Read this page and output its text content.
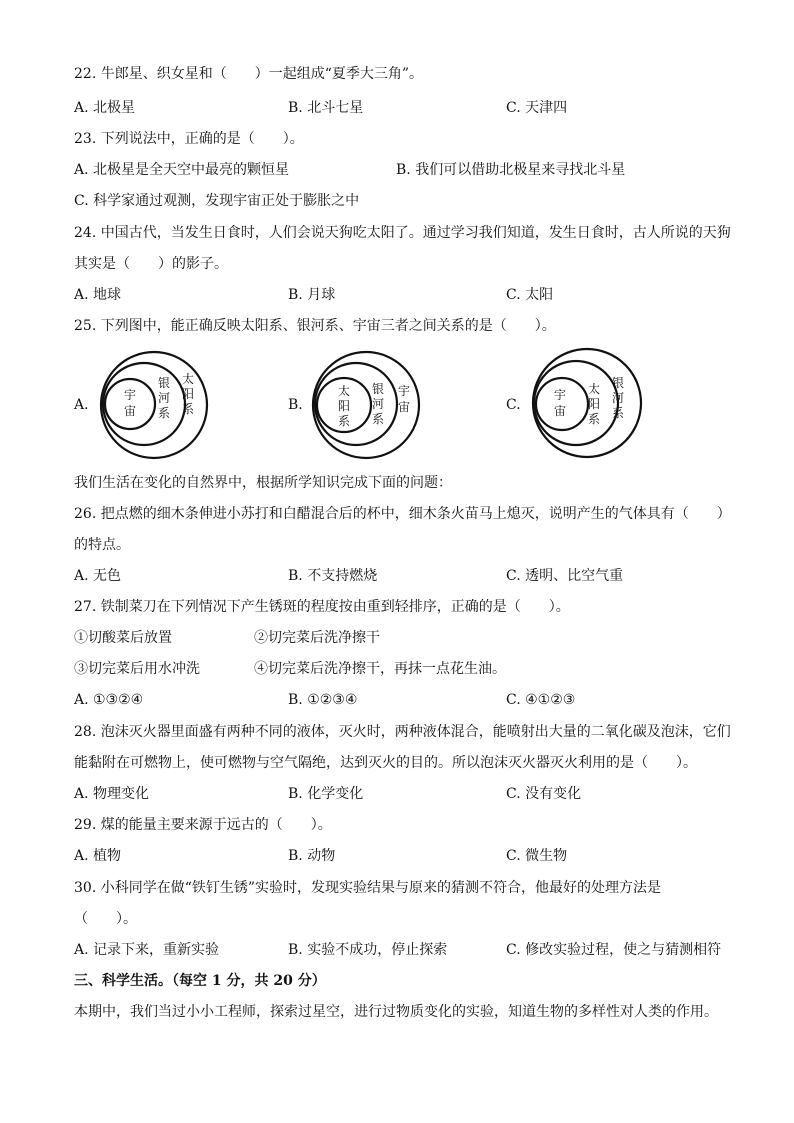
22. 牛郎星、织女星和（　　）一起组成“夏季大三角”。
A. 北极星	B. 北斗七星	C. 天津四
23. 下列说法中，正确的是（　　）。
A. 北极星是全天空中最亮的颗恒星	B. 我们可以借助北极星来寻找北斗星
C. 科学家通过观测，发现宇宙正处于膨胀之中
24. 中国古代，当发生日食时，人们会说天狗吃太阳了。通过学习我们知道，发生日食时，古人所说的天狗
其实是（　　）的影子。
A. 地球	B. 月球	C. 太阳
25. 下列图中，能正确反映太阳系、银河系、宇宙三者之间关系的是（　　）。
A.
宇
宙
银
河
系
太
阳
系	B.
太
阳
系
银
河
系
宇
宙	C.
宇
宙
太
阳
系
银
河
系
我们生活在变化的自然界中，根据所学知识完成下面的问题：
26. 把点燃的细木条伸进小苏打和白醋混合后的杯中，细木条火苗马上熄灭，说明产生的气体具有（　　）
的特点。
A. 无色	B. 不支持燃烧	C. 透明、比空气重
27. 铁制菜刀在下列情况下产生锈斑的程度按由重到轻排序，正确的是（　　）。
①切酸菜后放置	②切完菜后洗净擦干
③切完菜后用水冲洗	④切完菜后洗净擦干，再抹一点花生油。
A. ①③②④	B. ①②③④	C. ④①②③
28. 泡沫灭火器里面盛有两种不同的液体，灭火时，两种液体混合，能喷射出大量的二氧化碳及泡沫，它们
能黏附在可燃物上，使可燃物与空气隔绝，达到灭火的目的。所以泡沫灭火器灭火利用的是（　　）。
A. 物理变化	B. 化学变化	C. 没有变化
29. 煤的能量主要来源于远古的（　　）。
A. 植物	B. 动物	C. 微生物
30. 小科同学在做“铁钉生锈”实验时，发现实验结果与原来的猜测不符合，他最好的处理方法是
（　　）。
A. 记录下来，重新实验	B. 实验不成功，停止探索	C. 修改实验过程，使之与猜测相符
三、科学生活。（每空 1 分，共 20 分）
本期中，我们当过小小工程师，探索过星空，进行过物质变化的实验，知道生物的多样性对人类的作用。
